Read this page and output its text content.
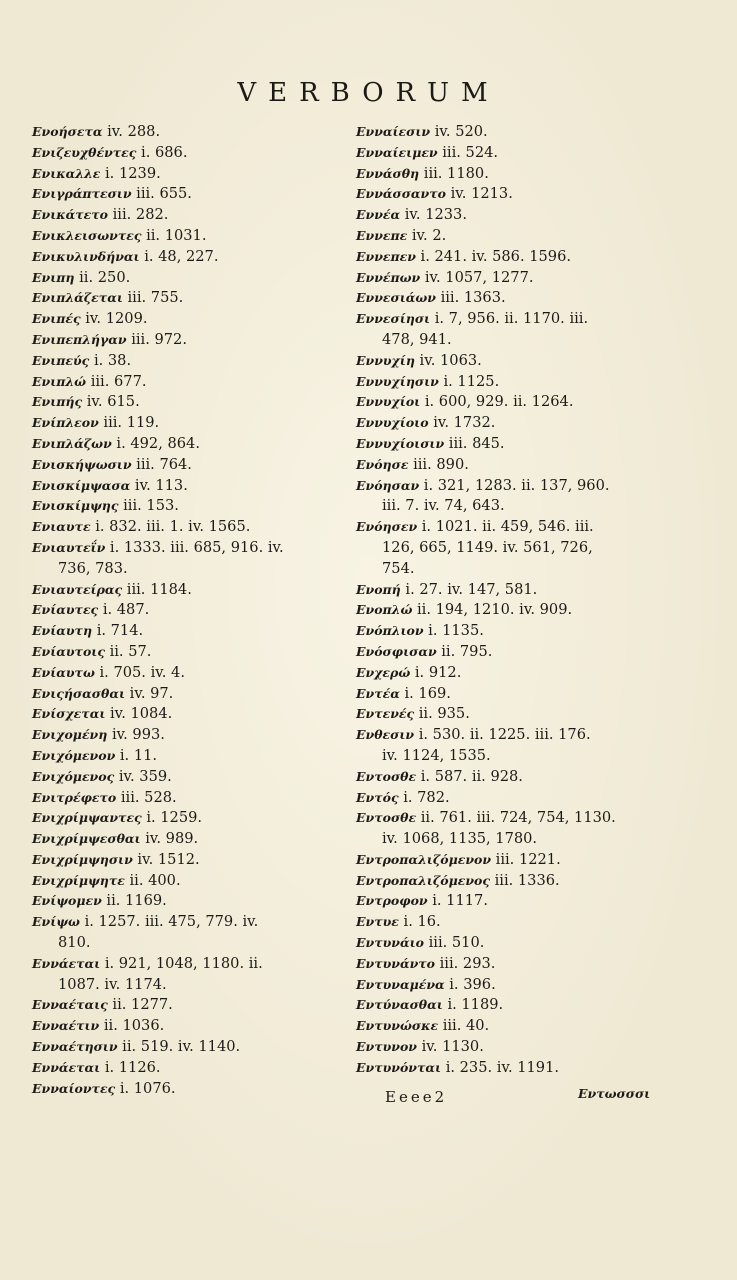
VERBORUM
Ενοήσετα iv. 288.
Ενιζευχθέντες i. 686.
Ενικαλλε i. 1239.
Ενιγράπτεσιν iii. 655.
Ενικάτετο iii. 282.
Ενικλεισωντες ii. 1031.
Ενικυλινδήναι i. 48, 227.
Ενιπη ii. 250.
Ενιπλάζεται iii. 755.
Ενιπές iv. 1209.
Ενιπεπλήγαν iii. 972.
Ενιπεύς i. 38.
Ενιπλώ iii. 677.
Ενιπής iv. 615.
Ενίπλεον iii. 119.
Ενιπλάζων i. 492, 864.
Ενισκήψωσιν iii. 764.
Ενισκίμψασα iv. 113.
Ενισκίμψης iii. 153.
Ενιαυτε i. 832. iii. 1. iv. 1565.
Ενιαυτεΐν i. 1333. iii. 685, 916. iv.
736, 783.
Ενιαυτείρας iii. 1184.
Ενίαυτες i. 487.
Ενίαυτη i. 714.
Ενίαυτοις ii. 57.
Ενίαυτω i. 705. iv. 4.
Ενιςήσασθαι iv. 97.
Ενίσχεται iv. 1084.
Ενιχομένη iv. 993.
Ενιχόμενον i. 11.
Ενιχόμενος iv. 359.
Ενιτρέφετο iii. 528.
Ενιχρίμψαντες i. 1259.
Ενιχρίμψεσθαι iv. 989.
Ενιχρίμψησιν iv. 1512.
Ενιχρίμψητε ii. 400.
Ενίψομεν ii. 1169.
Ενίψω i. 1257. iii. 475, 779. iv.
810.
Εννάεται i. 921, 1048, 1180. ii.
1087. iv. 1174.
Ενναέταις ii. 1277.
Ενναέτιν ii. 1036.
Ενναέτησιν ii. 519. iv. 1140.
Εννάεται i. 1126.
Ενναίοντες i. 1076.
Ενναίεσιν iv. 520.
Ενναίειμεν iii. 524.
Εννάσθη iii. 1180.
Εννάσσαντο iv. 1213.
Εννέα iv. 1233.
Εννεπε iv. 2.
Εννεπεν i. 241. iv. 586. 1596.
Εννέπων iv. 1057, 1277.
Εννεσιάων iii. 1363.
Εννεσίησι i. 7, 956. ii. 1170. iii.
478, 941.
Εννυχίη iv. 1063.
Εννυχίησιν i. 1125.
Εννυχίοι i. 600, 929. ii. 1264.
Εννυχίοιο iv. 1732.
Εννυχίοισιν iii. 845.
Ενόησε iii. 890.
Ενόησαν i. 321, 1283. ii. 137, 960.
iii. 7. iv. 74, 643.
Ενόησεν i. 1021. ii. 459, 546. iii.
126, 665, 1149. iv. 561, 726,
754.
Ενοπή i. 27. iv. 147, 581.
Ενοπλώ ii. 194, 1210. iv. 909.
Ενόπλιον i. 1135.
Ενόσφισαν ii. 795.
Ενχερώ i. 912.
Εντέα i. 169.
Εντενές ii. 935.
Ενθεσιν i. 530. ii. 1225. iii. 176.
iv. 1124, 1535.
Εντοσθε i. 587. ii. 928.
Εντός i. 782.
Εντοσθε ii. 761. iii. 724, 754, 1130.
iv. 1068, 1135, 1780.
Εντροπαλιζόμενον iii. 1221.
Εντροπαλιζόμενος iii. 1336.
Εντροφον i. 1117.
Εντυε i. 16.
Εντυνάιο iii. 510.
Εντυνάντο iii. 293.
Εντυναμένα i. 396.
Εντύνασθαι i. 1189.
Εντυνώσκε iii. 40.
Εντυνον iv. 1130.
Εντυνόνται i. 235. iv. 1191.
Eeee2	Εντωσσσι
